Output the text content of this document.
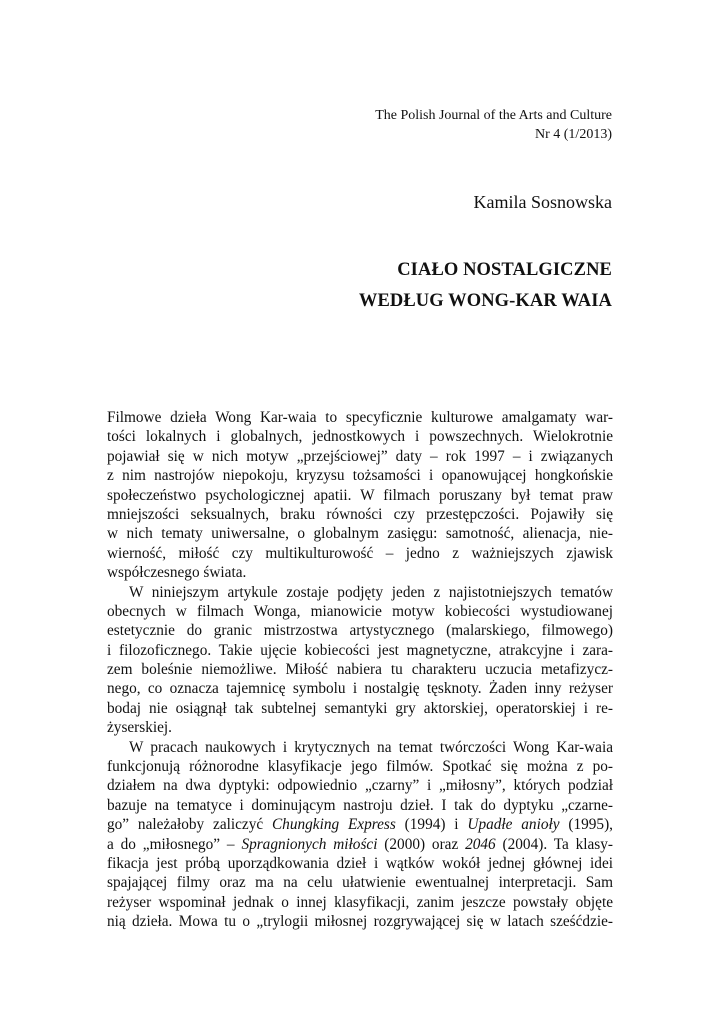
The Polish Journal of the Arts and Culture
Nr 4 (1/2013)
Kamila Sosnowska
CIAŁO NOSTALGICZNE
WEDŁUG WONG-KAR WAIA
Filmowe dzieła Wong Kar-waia to specyficznie kulturowe amalgamaty war-
tości lokalnych i globalnych, jednostkowych i powszechnych. Wielokrotnie
pojawiał się w nich motyw „przejściowej” daty – rok 1997 – i związanych
z nim nastrojów niepokoju, kryzysu tożsamości i opanowującej hongkońskie
społeczeństwo psychologicznej apatii. W filmach poruszany był temat praw
mniejszości seksualnych, braku równości czy przestępczości. Pojawiły się
w nich tematy uniwersalne, o globalnym zasięgu: samotność, alienacja, nie-
wierność, miłość czy multikulturowość – jedno z ważniejszych zjawisk
współczesnego świata.
W niniejszym artykule zostaje podjęty jeden z najistotniejszych tematów
obecnych w filmach Wonga, mianowicie motyw kobiecości wystudiowanej
estetycznie do granic mistrzostwa artystycznego (malarskiego, filmowego)
i filozoficznego. Takie ujęcie kobiecości jest magnetyczne, atrakcyjne i zara-
zem boleśnie niemożliwe. Miłość nabiera tu charakteru uczucia metafizycz-
nego, co oznacza tajemnicę symbolu i nostalgię tęsknoty. Żaden inny reżyser
bodaj nie osiągnął tak subtelnej semantyki gry aktorskiej, operatorskiej i re-
żyserskiej.
W pracach naukowych i krytycznych na temat twórczości Wong Kar-waia
funkcjonują różnorodne klasyfikacje jego filmów. Spotkać się można z po-
działem na dwa dyptyki: odpowiednio „czarny” i „miłosny”, których podział
bazuje na tematyce i dominującym nastroju dzieł. I tak do dyptyku „czarne-
go” należałoby zaliczyć Chungking Express (1994) i Upadłe anioły (1995),
a do „miłosnego” – Spragnionych miłości (2000) oraz 2046 (2004). Ta klasy-
fikacja jest próbą uporządkowania dzieł i wątków wokół jednej głównej idei
spajającej filmy oraz ma na celu ułatwienie ewentualnej interpretacji. Sam
reżyser wspominał jednak o innej klasyfikacji, zanim jeszcze powstały objęte
nią dzieła. Mowa tu o „trylogii miłosnej rozgrywającej się w latach sześćdzie-
